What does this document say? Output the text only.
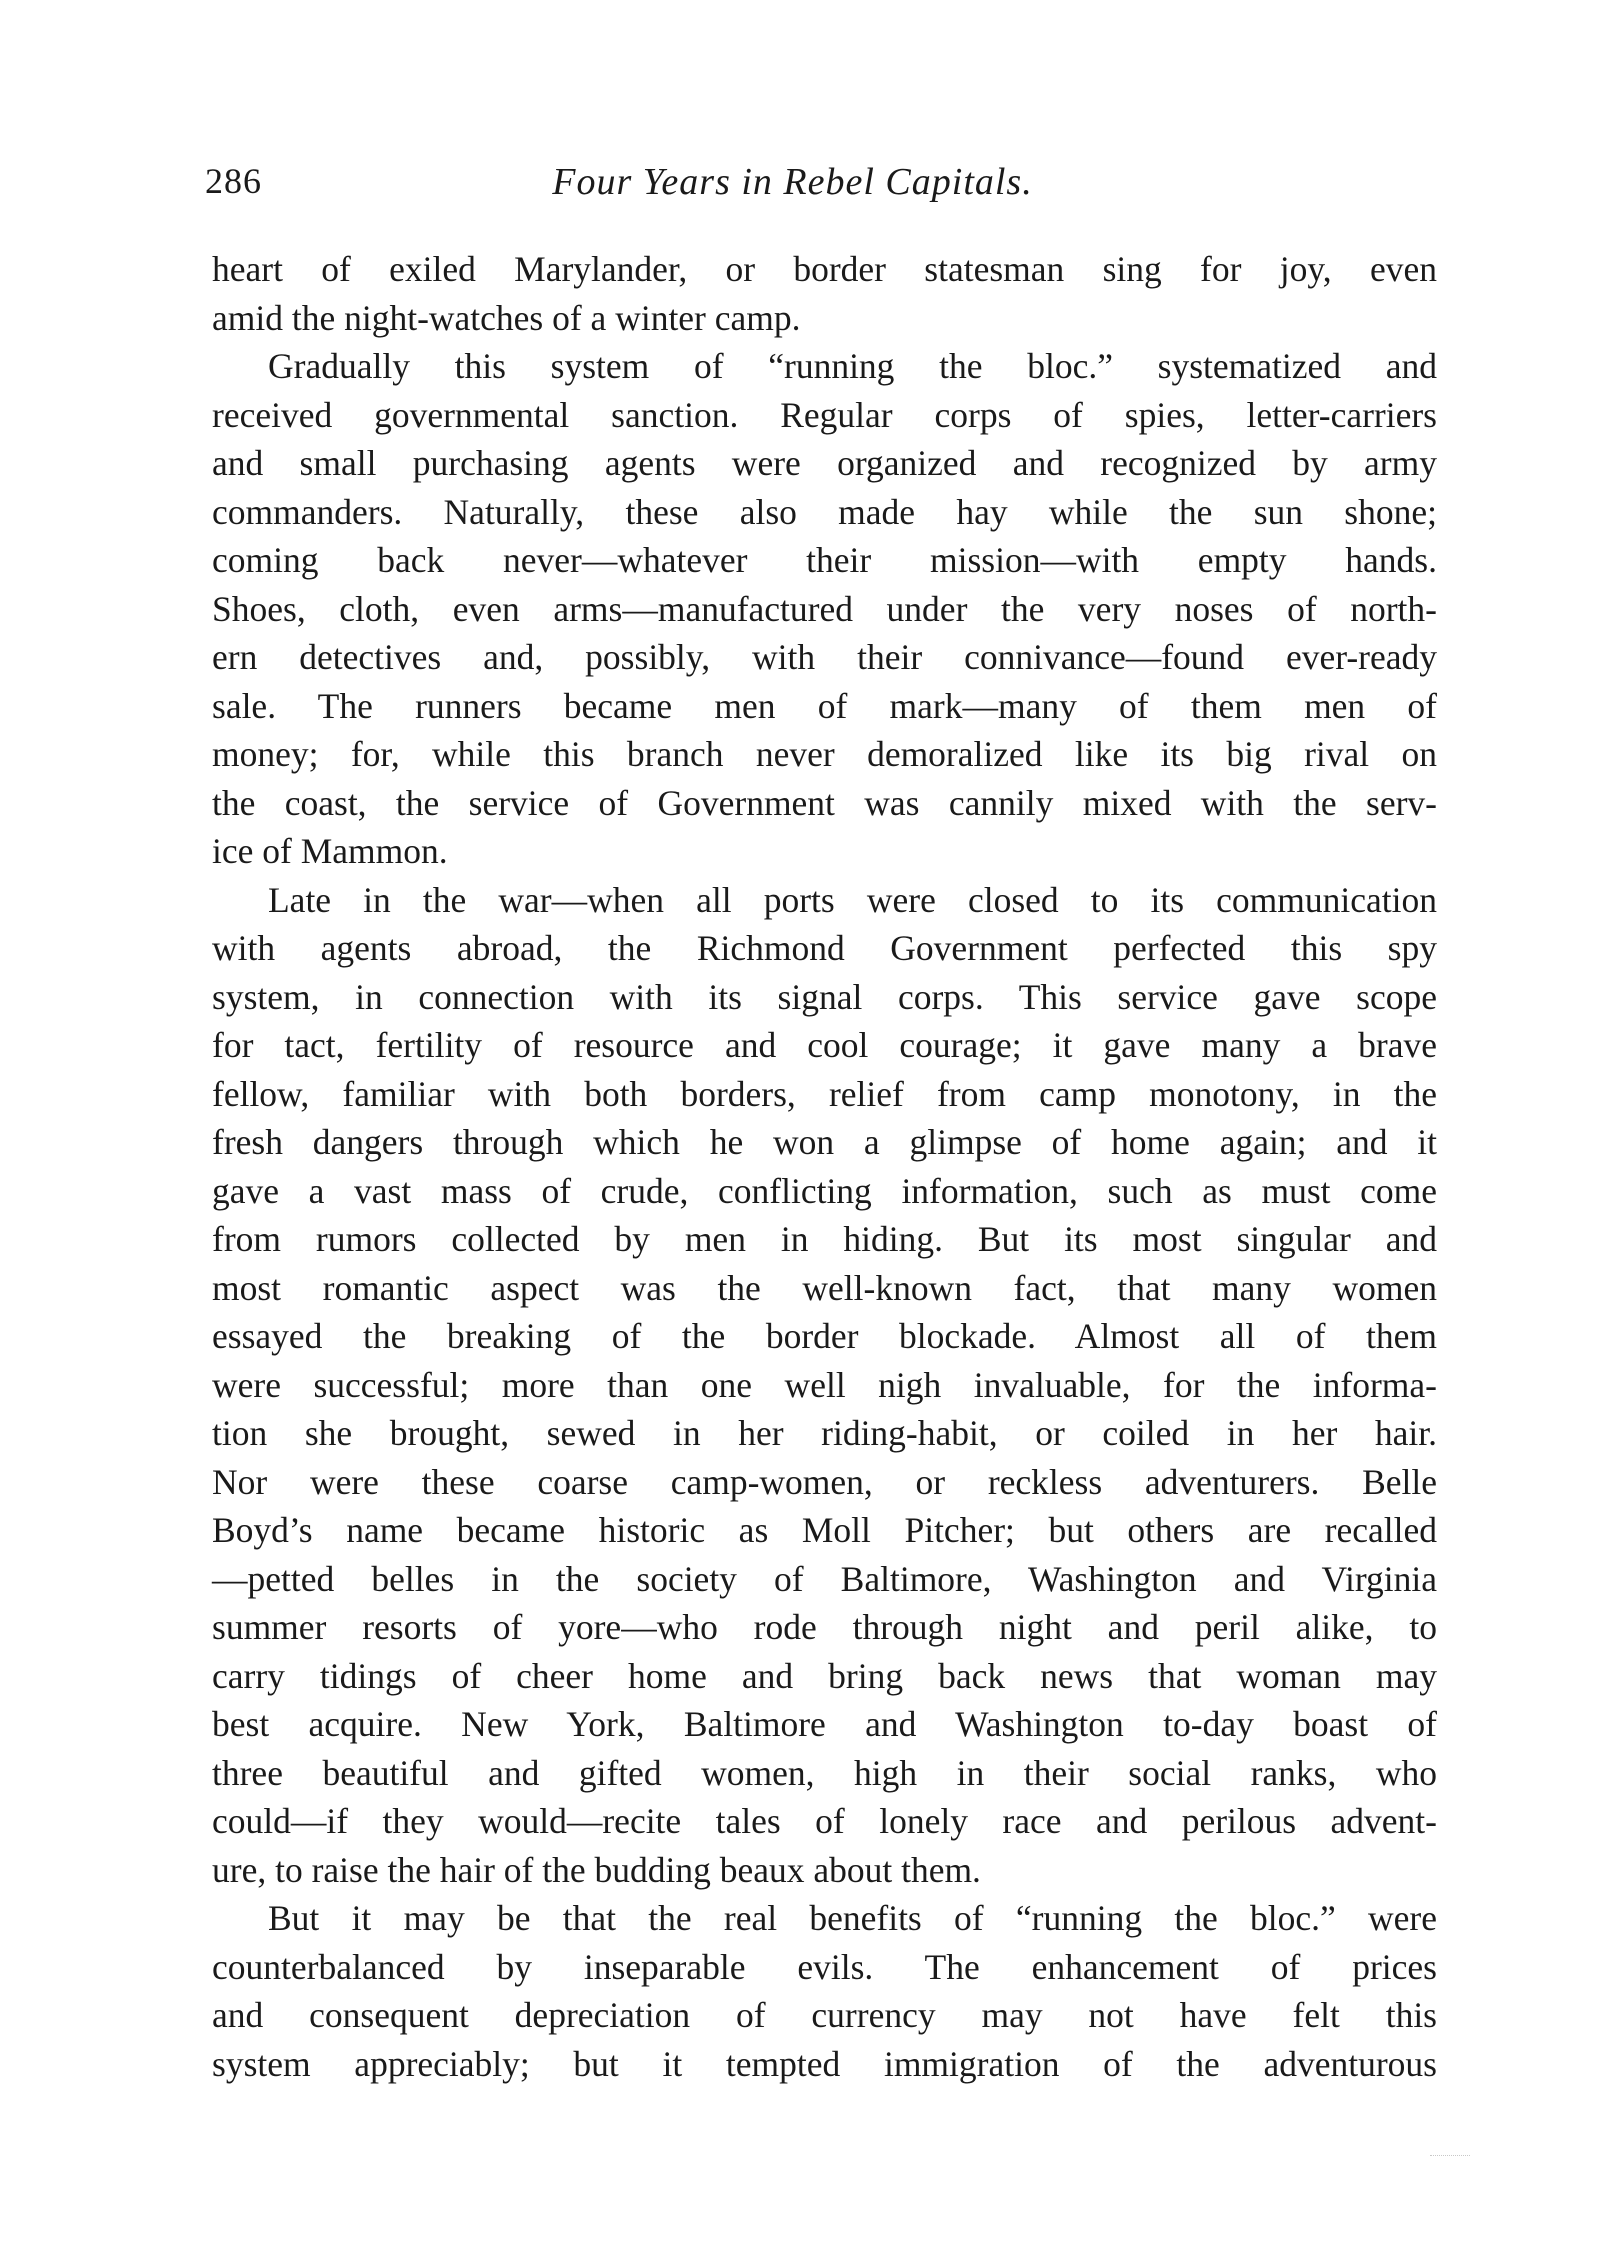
286	Four Years in Rebel Capitals.

heart of exiled Marylander, or border statesman sing for joy, even
amid the night-watches of a winter camp.

Gradually this system of “running the bloc.” systematized and
received governmental sanction. Regular corps of spies, letter-carriers
and small purchasing agents were organized and recognized by army
commanders. Naturally, these also made hay while the sun shone;
coming back never—whatever their mission—with empty hands.
Shoes, cloth, even arms—manufactured under the very noses of north-
ern detectives and, possibly, with their connivance—found ever-ready
sale. The runners became men of mark—many of them men of
money; for, while this branch never demoralized like its big rival on
the coast, the service of Government was cannily mixed with the serv-
ice of Mammon.

Late in the war—when all ports were closed to its communication
with agents abroad, the Richmond Government perfected this spy
system, in connection with its signal corps. This service gave scope
for tact, fertility of resource and cool courage; it gave many a brave
fellow, familiar with both borders, relief from camp monotony, in the
fresh dangers through which he won a glimpse of home again; and it
gave a vast mass of crude, conflicting information, such as must come
from rumors collected by men in hiding. But its most singular and
most romantic aspect was the well-known fact, that many women
essayed the breaking of the border blockade. Almost all of them
were successful; more than one well nigh invaluable, for the informa-
tion she brought, sewed in her riding-habit, or coiled in her hair.
Nor were these coarse camp-women, or reckless adventurers. Belle
Boyd’s name became historic as Moll Pitcher; but others are recalled
—petted belles in the society of Baltimore, Washington and Virginia
summer resorts of yore—who rode through night and peril alike, to
carry tidings of cheer home and bring back news that woman may
best acquire. New York, Baltimore and Washington to-day boast of
three beautiful and gifted women, high in their social ranks, who
could—if they would—recite tales of lonely race and perilous advent-
ure, to raise the hair of the budding beaux about them.

But it may be that the real benefits of “running the bloc.” were
counterbalanced by inseparable evils. The enhancement of prices
and consequent depreciation of currency may not have felt this
system appreciably; but it tempted immigration of the adventurous
